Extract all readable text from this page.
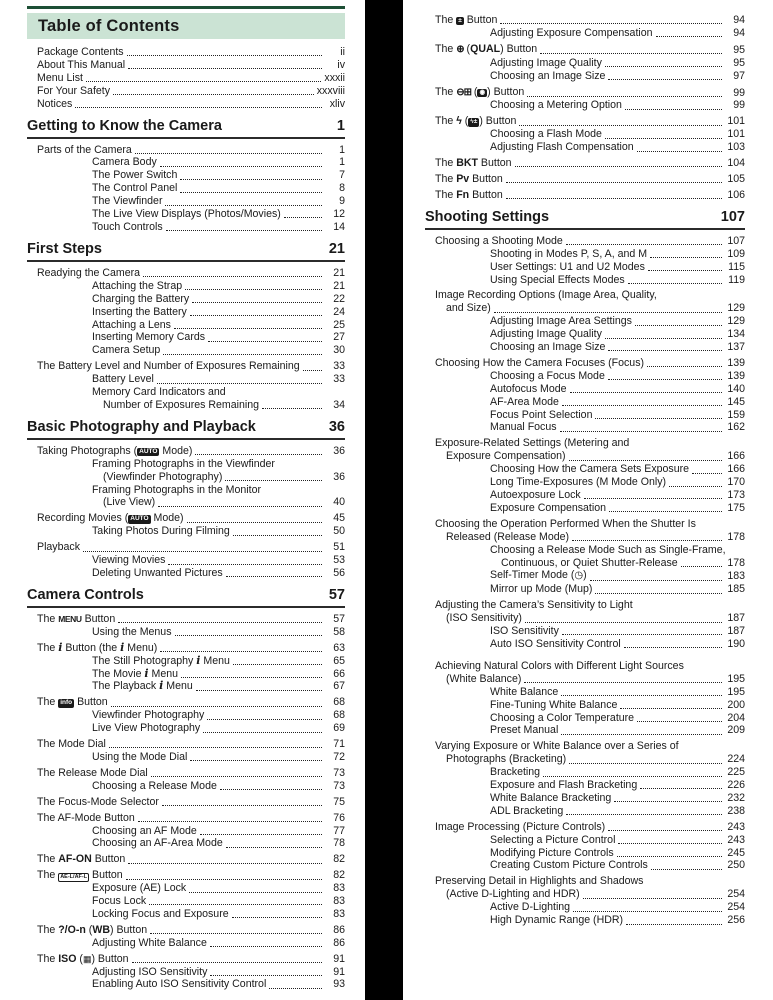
Table of Contents
Package Contents	ii
About This Manual	iv
Menu List	xxxii
For Your Safety	xxxviii
Notices	xliv
Getting to Know the Camera	1
Parts of the Camera	1
Camera Body	1
The Power Switch	7
The Control Panel	8
The Viewfinder	9
The Live View Displays (Photos/Movies)	12
Touch Controls	14
First Steps	21
Readying the Camera	21
Attaching the Strap	21
Charging the Battery	22
Inserting the Battery	24
Attaching a Lens	25
Inserting Memory Cards	27
Camera Setup	30
The Battery Level and Number of Exposures Remaining	33
Battery Level	33
Memory Card Indicators and
Number of Exposures Remaining	34
Basic Photography and Playback	36
Taking Photographs ( AUTO Mode)	36
Framing Photographs in the Viewfinder
(Viewfinder Photography)	36
Framing Photographs in the Monitor
(Live View)	40
Recording Movies ( AUTO Mode)	45
Taking Photos During Filming	50
Playback	51
Viewing Movies	53
Deleting Unwanted Pictures	56
Camera Controls	57
The MENU Button	57
Using the Menus	58
The i Button (the i Menu)	63
The Still Photography i Menu	65
The Movie i Menu	66
The Playback i Menu	67
The info Button	68
Viewfinder Photography	68
Live View Photography	69
The Mode Dial	71
Using the Mode Dial	72
The Release Mode Dial	73
Choosing a Release Mode	73
The Focus-Mode Selector	75
The AF-Mode Button	76
Choosing an AF Mode	77
Choosing an AF-Area Mode	78
The AF-ON Button	82
The AE-L/AF-L Button	82
Exposure (AE) Lock	83
Focus Lock	83
Locking Focus and Exposure	83
The ?/O-n (WB) Button	86
Adjusting White Balance	86
The ISO (▦) Button	91
Adjusting ISO Sensitivity	91
Enabling Auto ISO Sensitivity Control	93
The ± Button	94
Adjusting Exposure Compensation	94
The ⊕ (QUAL) Button	95
Adjusting Image Quality	95
Choosing an Image Size	97
The ⊖⊞ ( ◉ ) Button	99
Choosing a Metering Option	99
The ϟ ( ϟ± ) Button	101
Choosing a Flash Mode	101
Adjusting Flash Compensation	103
The BKT Button	104
The Pv Button	105
The Fn Button	106
Shooting Settings	107
Choosing a Shooting Mode	107
Shooting in Modes P, S, A, and M	109
User Settings: U1 and U2 Modes	115
Using Special Effects Modes	119
Image Recording Options (Image Area, Quality,
and Size)	129
Adjusting Image Area Settings	129
Adjusting Image Quality	134
Choosing an Image Size	137
Choosing How the Camera Focuses (Focus)	139
Choosing a Focus Mode	139
Autofocus Mode	140
AF-Area Mode	145
Focus Point Selection	159
Manual Focus	162
Exposure-Related Settings (Metering and
Exposure Compensation)	166
Choosing How the Camera Sets Exposure	166
Long Time-Exposures (M Mode Only)	170
Autoexposure Lock	173
Exposure Compensation	175
Choosing the Operation Performed When the Shutter Is
Released (Release Mode)	178
Choosing a Release Mode Such as Single-Frame,
Continuous, or Quiet Shutter-Release	178
Self-Timer Mode (◷)	183
Mirror up Mode (Mup)	185
Adjusting the Camera’s Sensitivity to Light
(ISO Sensitivity)	187
ISO Sensitivity	187
Auto ISO Sensitivity Control	190
Achieving Natural Colors with Different Light Sources
(White Balance)	195
White Balance	195
Fine-Tuning White Balance	200
Choosing a Color Temperature	204
Preset Manual	209
Varying Exposure or White Balance over a Series of
Photographs (Bracketing)	224
Bracketing	225
Exposure and Flash Bracketing	226
White Balance Bracketing	232
ADL Bracketing	238
Image Processing (Picture Controls)	243
Selecting a Picture Control	243
Modifying Picture Controls	245
Creating Custom Picture Controls	250
Preserving Detail in Highlights and Shadows
(Active D-Lighting and HDR)	254
Active D-Lighting	254
High Dynamic Range (HDR)	256
